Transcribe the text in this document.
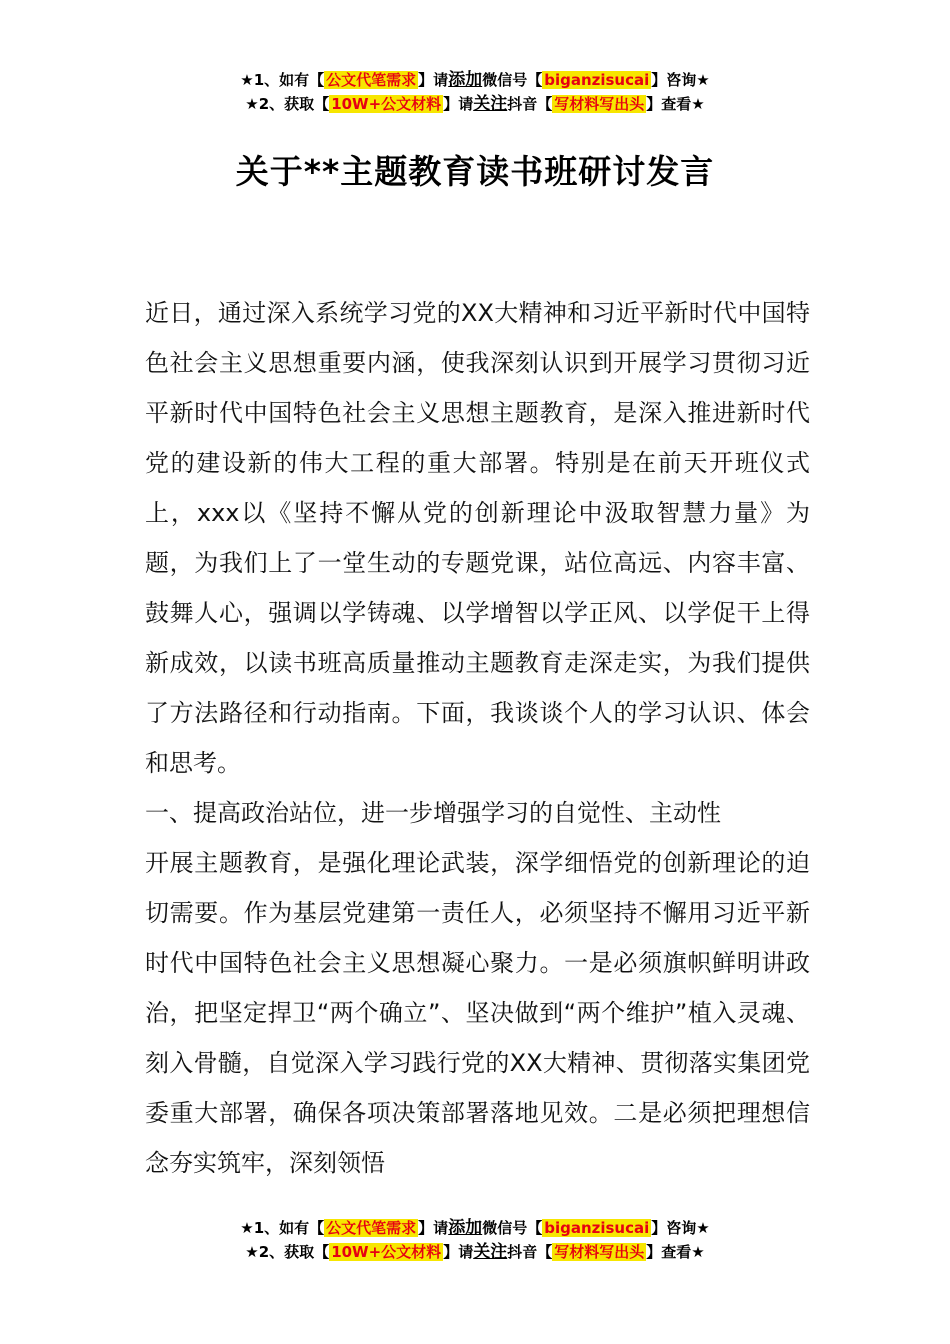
★1、如有【 公文代笔需求 】请添加微信号【 biganzisucai 】咨询★
★2、获取【 10W+公文材料 】请关注抖音【 写材料写出头 】查看★
关于**主题教育读书班研讨发言

近日，通过深入系统学习党的XX大精神和习近平新时代中国特色社会主义思想重要内涵，使我深刻认识到开展学习贯彻习近平新时代中国特色社会主义思想主题教育，是深入推进新时代党的建设新的伟大工程的重大部署。特别是在前天开班仪式上，xxx以《坚持不懈从党的创新理论中汲取智慧力量》为题，为我们上了一堂生动的专题党课，站位高远、内容丰富、鼓舞人心，强调以学铸魂、以学增智以学正风、以学促干上得新成效，以读书班高质量推动主题教育走深走实，为我们提供了方法路径和行动指南。下面，我谈谈个人的学习认识、体会和思考。

一、提高政治站位，进一步增强学习的自觉性、主动性

开展主题教育，是强化理论武装，深学细悟党的创新理论的迫切需要。作为基层党建第一责任人，必须坚持不懈用习近平新时代中国特色社会主义思想凝心聚力。一是必须旗帜鲜明讲政治，把坚定捍卫“两个确立”、坚决做到“两个维护”植入灵魂、刻入骨髓，自觉深入学习践行党的XX大精神、贯彻落实集团党委重大部署，确保各项决策部署落地见效。二是必须把理想信念夯实筑牢，深刻领悟

★1、如有【 公文代笔需求 】请添加微信号【 biganzisucai 】咨询★
★2、获取【 10W+公文材料 】请关注抖音【 写材料写出头 】查看★
